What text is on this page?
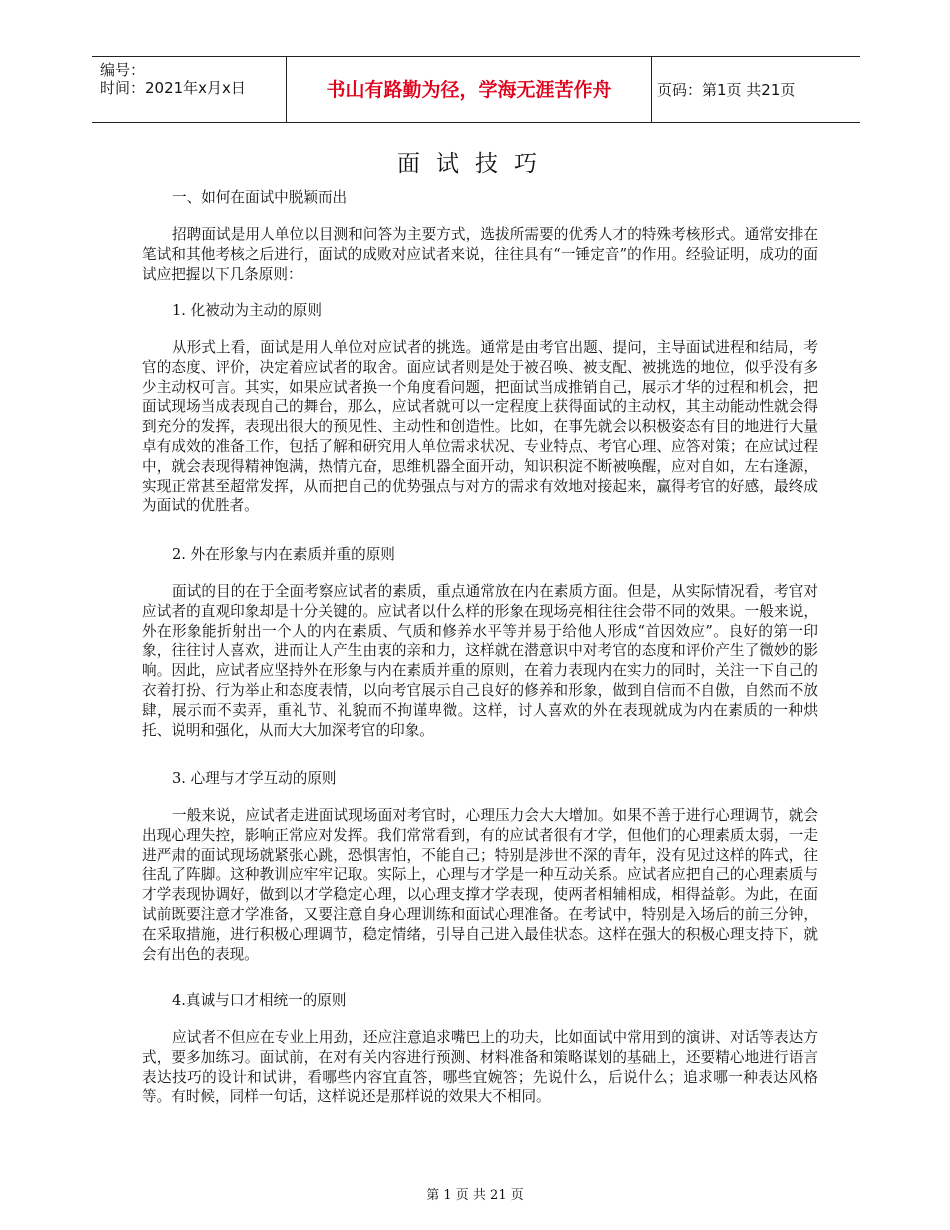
编号：
时间：2021年x月x日	书山有路勤为径，学海无涯苦作舟	页码：第1页 共21页
面试技巧
一、如何在面试中脱颖而出
招聘面试是用人单位以目测和问答为主要方式，选拔所需要的优秀人才的特殊考核形式。通常安排在笔试和其他考核之后进行，面试的成败对应试者来说，往往具有“一锤定音”的作用。经验证明，成功的面试应把握以下几条原则：
1. 化被动为主动的原则
从形式上看，面试是用人单位对应试者的挑选。通常是由考官出题、提问，主导面试进程和结局，考官的态度、评价，决定着应试者的取舍。面应试者则是处于被召唤、被支配、被挑选的地位，似乎没有多少主动权可言。其实，如果应试者换一个角度看问题，把面试当成推销自己，展示才华的过程和机会，把面试现场当成表现自己的舞台，那么，应试者就可以一定程度上获得面试的主动权，其主动能动性就会得到充分的发挥，表现出很大的预见性、主动性和创造性。比如，在事先就会以积极姿态有目的地进行大量卓有成效的准备工作，包括了解和研究用人单位需求状况、专业特点、考官心理、应答对策；在应试过程中，就会表现得精神饱满，热情亢奋，思维机器全面开动，知识积淀不断被唤醒，应对自如，左右逢源，实现正常甚至超常发挥，从而把自己的优势强点与对方的需求有效地对接起来，赢得考官的好感，最终成为面试的优胜者。
2. 外在形象与内在素质并重的原则
面试的目的在于全面考察应试者的素质，重点通常放在内在素质方面。但是，从实际情况看，考官对应试者的直观印象却是十分关键的。应试者以什么样的形象在现场亮相往往会带不同的效果。一般来说，外在形象能折射出一个人的内在素质、气质和修养水平等并易于给他人形成“首因效应”。良好的第一印象，往往讨人喜欢，进而让人产生由衷的亲和力，这样就在潜意识中对考官的态度和评价产生了微妙的影响。因此，应试者应坚持外在形象与内在素质并重的原则，在着力表现内在实力的同时，关注一下自己的衣着打扮、行为举止和态度表情，以向考官展示自己良好的修养和形象，做到自信而不自傲，自然而不放肆，展示而不卖弄，重礼节、礼貌而不拘谨卑微。这样，讨人喜欢的外在表现就成为内在素质的一种烘托、说明和强化，从而大大加深考官的印象。
3. 心理与才学互动的原则
一般来说，应试者走进面试现场面对考官时，心理压力会大大增加。如果不善于进行心理调节，就会出现心理失控，影响正常应对发挥。我们常常看到，有的应试者很有才学，但他们的心理素质太弱，一走进严肃的面试现场就紧张心跳，恐惧害怕，不能自己；特别是涉世不深的青年，没有见过这样的阵式，往往乱了阵脚。这种教训应牢牢记取。实际上，心理与才学是一种互动关系。应试者应把自己的心理素质与才学表现协调好，做到以才学稳定心理，以心理支撑才学表现，使两者相辅相成，相得益彰。为此，在面试前既要注意才学准备，又要注意自身心理训练和面试心理准备。在考试中，特别是入场后的前三分钟，在采取措施，进行积极心理调节，稳定情绪，引导自己进入最佳状态。这样在强大的积极心理支持下，就会有出色的表现。
4.真诚与口才相统一的原则
应试者不但应在专业上用劲，还应注意追求嘴巴上的功夫，比如面试中常用到的演讲、对话等表达方式，要多加练习。面试前，在对有关内容进行预测、材料准备和策略谋划的基础上，还要精心地进行语言表达技巧的设计和试讲，看哪些内容宜直答，哪些宜婉答；先说什么，后说什么；追求哪一种表达风格等。有时候，同样一句话，这样说还是那样说的效果大不相同。
第 1 页 共 21 页
